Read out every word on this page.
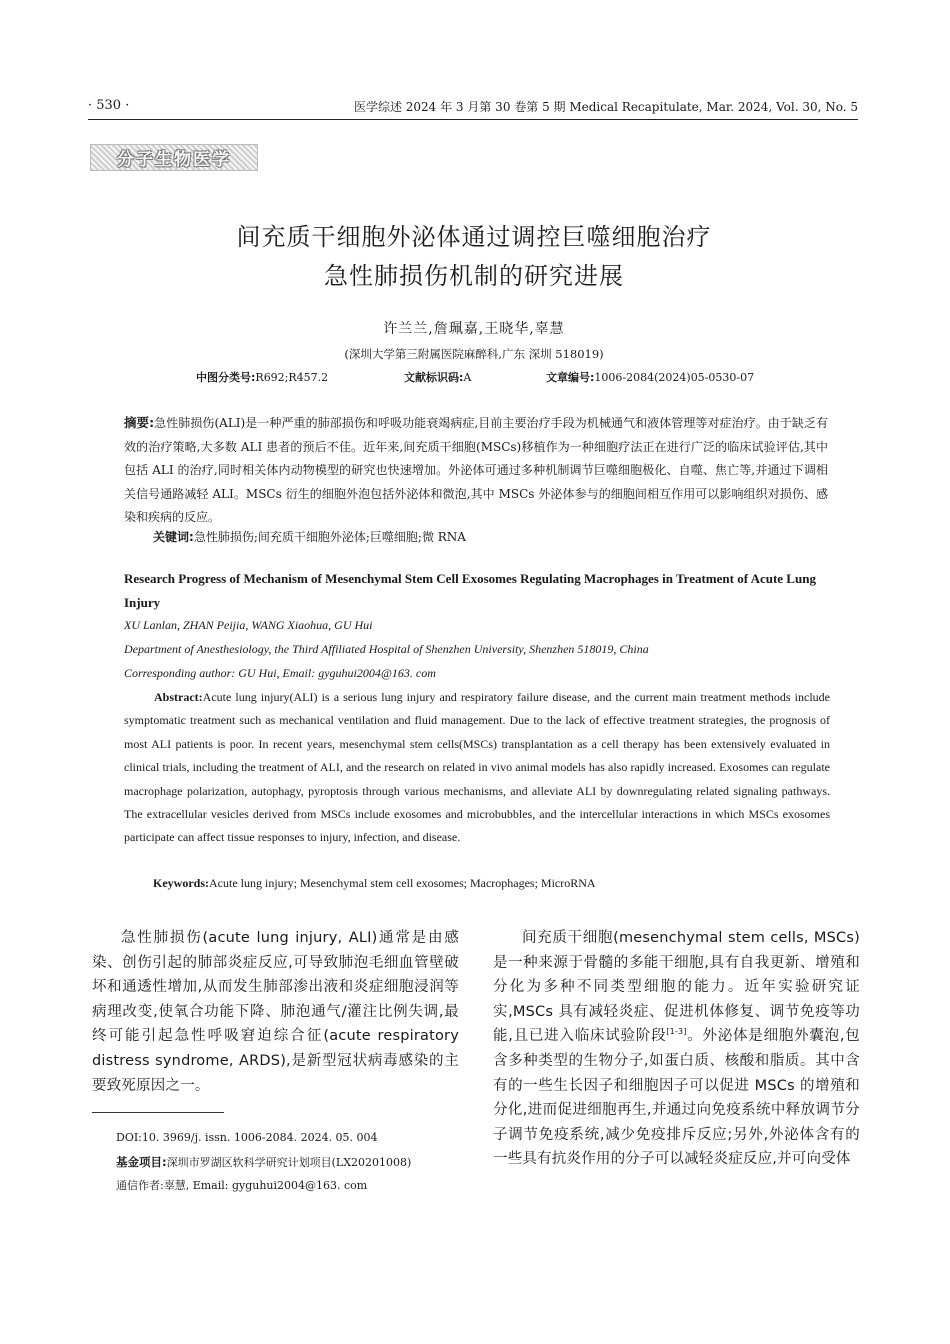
· 530 ·	医学综述 2024 年 3 月第 30 卷第 5 期 Medical Recapitulate, Mar. 2024, Vol. 30, No. 5
分子生物医学
间充质干细胞外泌体通过调控巨噬细胞治疗
急性肺损伤机制的研究进展
许兰兰,詹珮嘉,王晓华,辜慧
(深圳大学第三附属医院麻醉科,广东 深圳 518019)
中图分类号:R692;R457.2	文献标识码:A	文章编号:1006-2084(2024)05-0530-07
摘要:急性肺损伤(ALI)是一种严重的肺部损伤和呼吸功能衰竭病症,目前主要治疗手段为机械通气和液体管理等对症治疗。由于缺乏有效的治疗策略,大多数 ALI 患者的预后不佳。近年来,间充质干细胞(MSCs)移植作为一种细胞疗法正在进行广泛的临床试验评估,其中包括 ALI 的治疗,同时相关体内动物模型的研究也快速增加。外泌体可通过多种机制调节巨噬细胞极化、自噬、焦亡等,并通过下调相关信号通路减轻 ALI。MSCs 衍生的细胞外泡包括外泌体和微泡,其中 MSCs 外泌体参与的细胞间相互作用可以影响组织对损伤、感染和疾病的反应。
关键词:急性肺损伤;间充质干细胞外泌体;巨噬细胞;微 RNA
Research Progress of Mechanism of Mesenchymal Stem Cell Exosomes Regulating Macrophages in Treatment of Acute Lung Injury
XU Lanlan, ZHAN Peijia, WANG Xiaohua, GU Hui
Department of Anesthesiology, the Third Affiliated Hospital of Shenzhen University, Shenzhen 518019, China
Corresponding author: GU Hui, Email: gyguhui2004@163. com
Abstract:Acute lung injury(ALI) is a serious lung injury and respiratory failure disease, and the current main treatment methods include symptomatic treatment such as mechanical ventilation and fluid management. Due to the lack of effective treatment strategies, the prognosis of most ALI patients is poor. In recent years, mesenchymal stem cells(MSCs) transplantation as a cell therapy has been extensively evaluated in clinical trials, including the treatment of ALI, and the research on related in vivo animal models has also rapidly increased. Exosomes can regulate macrophage polarization, autophagy, pyroptosis through various mechanisms, and alleviate ALI by downregulating related signaling pathways. The extracellular vesicles derived from MSCs include exosomes and microbubbles, and the intercellular interactions in which MSCs exosomes participate can affect tissue responses to injury, infection, and disease.
Keywords:Acute lung injury; Mesenchymal stem cell exosomes; Macrophages; MicroRNA
急性肺损伤(acute lung injury, ALI)通常是由感染、创伤引起的肺部炎症反应,可导致肺泡毛细血管壁破坏和通透性增加,从而发生肺部渗出液和炎症细胞浸润等病理改变,使氧合功能下降、肺泡通气/灌注比例失调,最终可能引起急性呼吸窘迫综合征(acute respiratory distress syndrome, ARDS),是新型冠状病毒感染的主要致死原因之一。
间充质干细胞(mesenchymal stem cells, MSCs)是一种来源于骨髓的多能干细胞,具有自我更新、增殖和分化为多种不同类型细胞的能力。近年实验研究证实,MSCs 具有减轻炎症、促进机体修复、调节免疫等功能,且已进入临床试验阶段[1-3]。外泌体是细胞外囊泡,包含多种类型的生物分子,如蛋白质、核酸和脂质。其中含有的一些生长因子和细胞因子可以促进 MSCs 的增殖和分化,进而促进细胞再生,并通过向免疫系统中释放调节分子调节免疫系统,减少免疫排斥反应;另外,外泌体含有的一些具有抗炎作用的分子可以减轻炎症反应,并可向受体
DOI:10. 3969/j. issn. 1006-2084. 2024. 05. 004
基金项目:深圳市罗湖区软科学研究计划项目(LX20201008)
通信作者:辜慧, Email: gyguhui2004@163. com
